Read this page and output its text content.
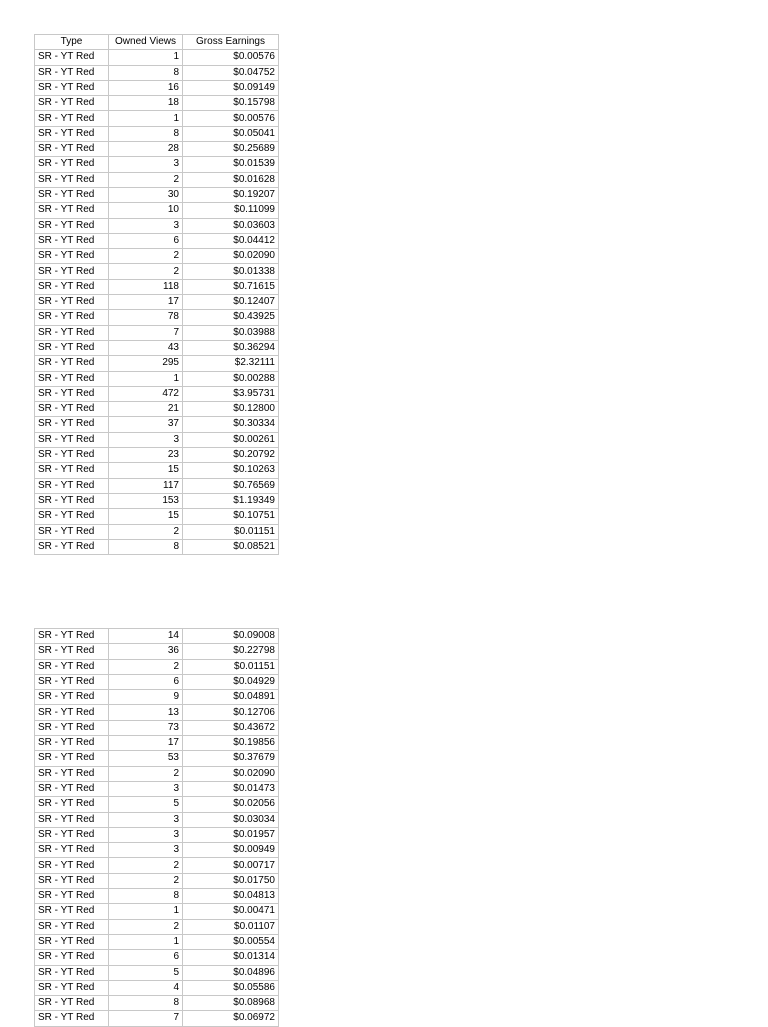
Type	Owned Views	Gross Earnings
SR - YT Red	1	$0.00576
SR - YT Red	8	$0.04752
SR - YT Red	16	$0.09149
SR - YT Red	18	$0.15798
SR - YT Red	1	$0.00576
SR - YT Red	8	$0.05041
SR - YT Red	28	$0.25689
SR - YT Red	3	$0.01539
SR - YT Red	2	$0.01628
SR - YT Red	30	$0.19207
SR - YT Red	10	$0.11099
SR - YT Red	3	$0.03603
SR - YT Red	6	$0.04412
SR - YT Red	2	$0.02090
SR - YT Red	2	$0.01338
SR - YT Red	118	$0.71615
SR - YT Red	17	$0.12407
SR - YT Red	78	$0.43925
SR - YT Red	7	$0.03988
SR - YT Red	43	$0.36294
SR - YT Red	295	$2.32111
SR - YT Red	1	$0.00288
SR - YT Red	472	$3.95731
SR - YT Red	21	$0.12800
SR - YT Red	37	$0.30334
SR - YT Red	3	$0.00261
SR - YT Red	23	$0.20792
SR - YT Red	15	$0.10263
SR - YT Red	117	$0.76569
SR - YT Red	153	$1.19349
SR - YT Red	15	$0.10751
SR - YT Red	2	$0.01151
SR - YT Red	8	$0.08521
SR - YT Red	14	$0.09008
SR - YT Red	36	$0.22798
SR - YT Red	2	$0.01151
SR - YT Red	6	$0.04929
SR - YT Red	9	$0.04891
SR - YT Red	13	$0.12706
SR - YT Red	73	$0.43672
SR - YT Red	17	$0.19856
SR - YT Red	53	$0.37679
SR - YT Red	2	$0.02090
SR - YT Red	3	$0.01473
SR - YT Red	5	$0.02056
SR - YT Red	3	$0.03034
SR - YT Red	3	$0.01957
SR - YT Red	3	$0.00949
SR - YT Red	2	$0.00717
SR - YT Red	2	$0.01750
SR - YT Red	8	$0.04813
SR - YT Red	1	$0.00471
SR - YT Red	2	$0.01107
SR - YT Red	1	$0.00554
SR - YT Red	6	$0.01314
SR - YT Red	5	$0.04896
SR - YT Red	4	$0.05586
SR - YT Red	8	$0.08968
SR - YT Red	7	$0.06972
